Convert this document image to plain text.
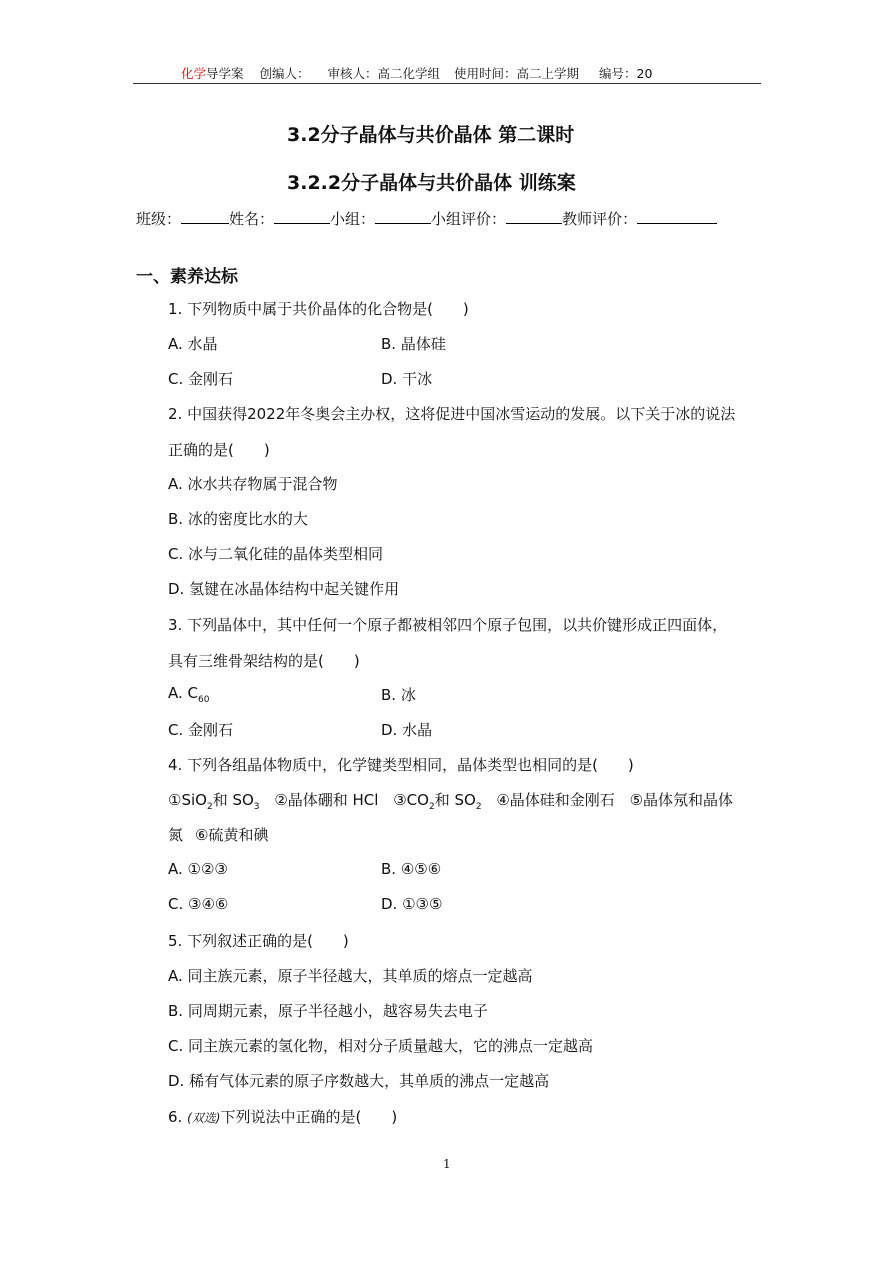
化学导学案 创编人： 审核人：高二化学组 使用时间：高二上学期 编号：20
3.2分子晶体与共价晶体 第二课时
3.2.2分子晶体与共价晶体 训练案
班级：	姓名：	小组：	小组评价：	教师评价：
一、素养达标
1. 下列物质中属于共价晶体的化合物是(　　)
A. 水晶	B. 晶体硅
C. 金刚石	D. 干冰
2. 中国获得2022年冬奥会主办权，这将促进中国冰雪运动的发展。以下关于冰的说法
正确的是(　　)
A. 冰水共存物属于混合物
B. 冰的密度比水的大
C. 冰与二氧化硅的晶体类型相同
D. 氢键在冰晶体结构中起关键作用
3. 下列晶体中，其中任何一个原子都被相邻四个原子包围，以共价键形成正四面体，
具有三维骨架结构的是(　　)
A. $C_{60}$	B. 冰
C. 金刚石	D. 水晶
4. 下列各组晶体物质中，化学键类型相同，晶体类型也相同的是(　　)
①SiO$_2$和 $SO_3$ ②晶体硼和 HCl $③CO_2$和 $SO_2$ ④晶体硅和金刚石 ⑤晶体氖和晶体
氮 ⑥硫黄和碘
A. ①②③	B. ④⑤⑥
C. ③④⑥	D. ①③⑤
5. 下列叙述正确的是(　　)
A. 同主族元素，原子半径越大，其单质的熔点一定越高
B. 同周期元素，原子半径越小，越容易失去电子
C. 同主族元素的氢化物，相对分子质量越大，它的沸点一定越高
D. 稀有气体元素的原子序数越大，其单质的沸点一定越高
6. (双选)下列说法中正确的是(　　)
1
